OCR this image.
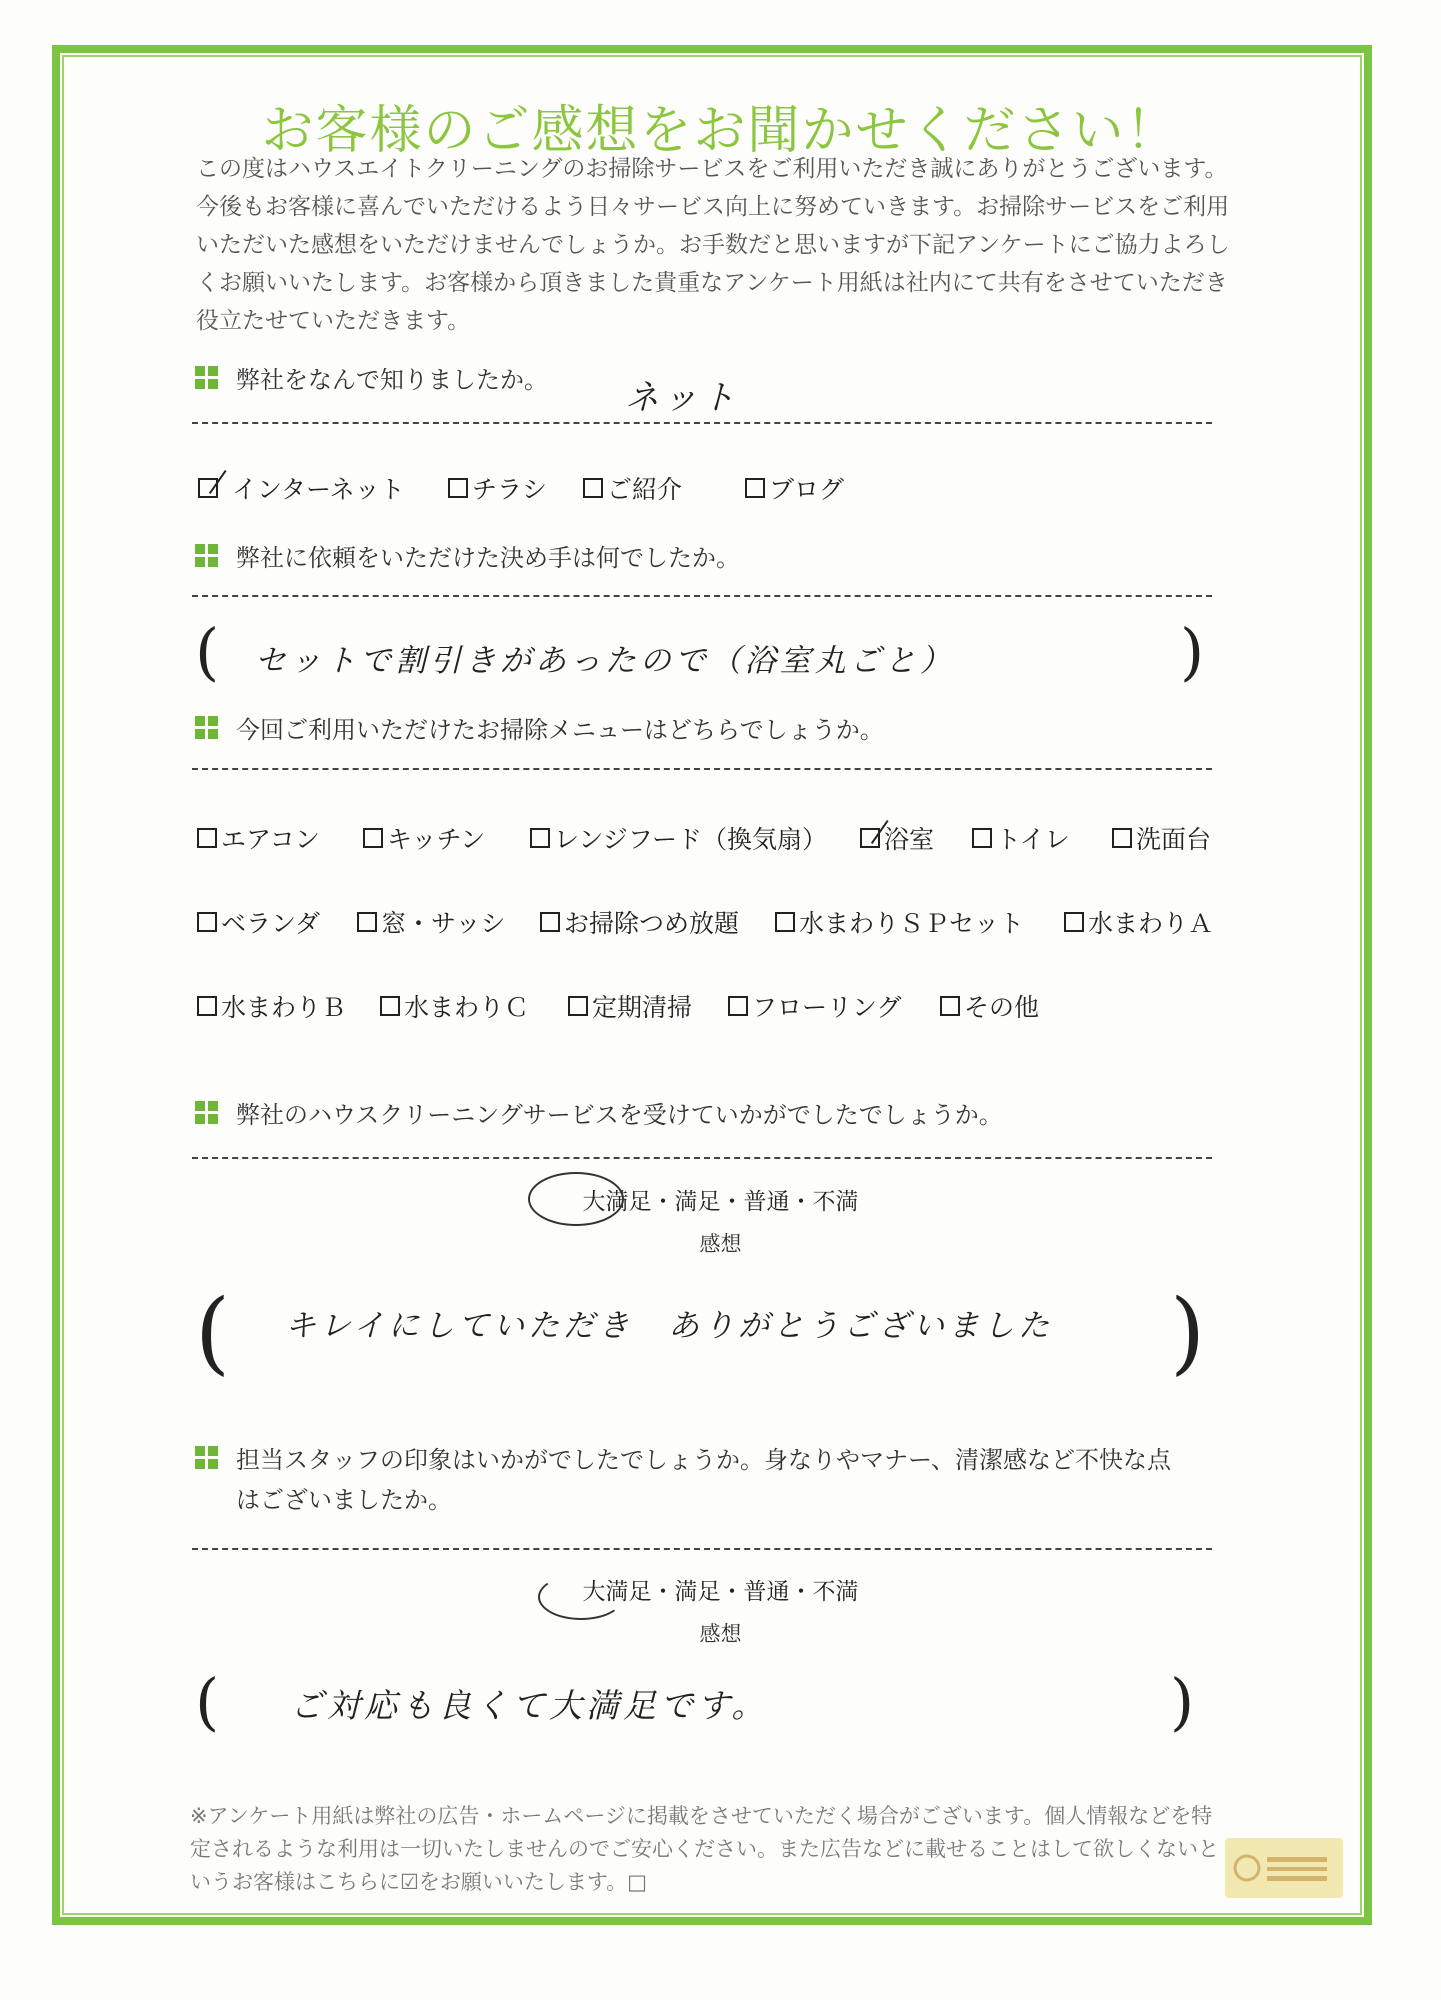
お客様のご感想をお聞かせください！
この度はハウスエイトクリーニングのお掃除サービスをご利用いただき誠にありがとうございます。今後もお客様に喜んでいただけるよう日々サービス向上に努めていきます。お掃除サービスをご利用いただいた感想をいただけませんでしょうか。お手数だと思いますが下記アンケートにご協力よろしくお願いいたします。お客様から頂きました貴重なアンケート用紙は社内にて共有をさせていただき役立たせていただきます。
弊社をなんで知りましたか。 ネット
インターネット	チラシ ご紹介	ブログ
弊社に依頼をいただけた決め手は何でしたか。
( セットで割引きがあったので（浴室丸ごと）	)
今回ご利用いただけたお掃除メニューはどちらでしょうか。
エアコン	キッチン	レンジフード（換気扇） 浴室 トイレ	洗面台
ベランダ 窓・サッシ お掃除つめ放題 水まわりＳＰセット	水まわりＡ
水まわりＢ 水まわりＣ	定期清掃 フローリング その他
弊社のハウスクリーニングサービスを受けていかがでしたでしょうか。
大満足・満足・普通・不満
感想
( キレイにしていただき　ありがとうございました )
担当スタッフの印象はいかがでしたでしょうか。身なりやマナー、清潔感など不快な点
はございましたか。
大満足・満足・普通・不満
感想
( ご対応も良くて大満足です。	)
※アンケート用紙は弊社の広告・ホームページに掲載をさせていただく場合がございます。個人情報などを特定されるような利用は一切いたしませんのでご安心ください。また広告などに載せることはして欲しくないというお客様はこちらに☑をお願いいたします。□
